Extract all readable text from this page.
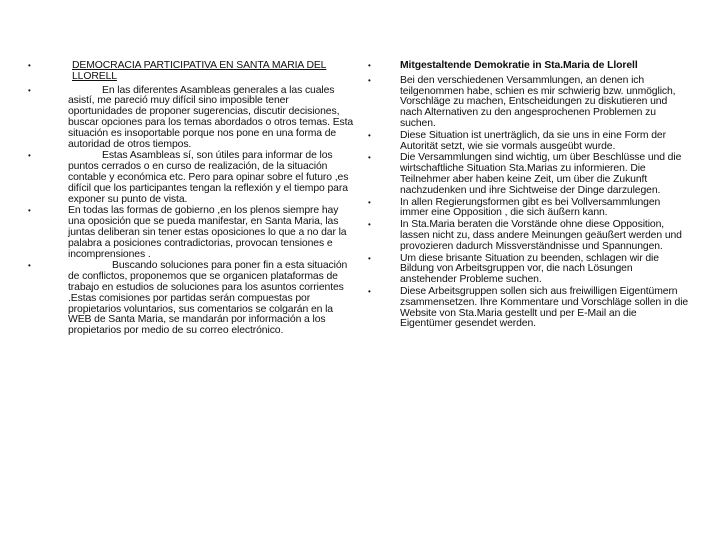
•	DEMOCRACIA PARTICIPATIVA EN SANTA MARIA DEL LLORELL
•	En las diferentes Asambleas generales a las cuales asistí, me pareció muy difícil sino imposible tener oportunidades de proponer sugerencias, discutir decisiones, buscar opciones para los temas abordados o otros temas. Esta situación es insoportable porque nos pone en una forma de autoridad de otros tiempos.
•	Estas Asambleas sí, son útiles para informar de los puntos cerrados o en curso de realización, de la situación contable y económica etc. Pero para opinar sobre el futuro ,es difícil que los participantes tengan la reflexión y el tiempo para exponer su punto de vista.
•	En todas las formas de gobierno ,en los plenos siempre hay una oposición que se pueda manifestar, en Santa Maria, las juntas deliberan sin tener estas oposiciones lo que a no dar la palabra a posiciones contradictorias, provocan tensiones e incomprensiones .
•	Buscando soluciones para poner fin a esta situación de conflictos, proponemos que se organicen plataformas de trabajo en estudios de soluciones para los asuntos corrientes .Estas comisiones por partidas serán compuestas por propietarios voluntarios, sus comentarios se colgarán en la WEB de Santa Maria, se mandarán por información a los propietarios por medio de su correo electrónico.
•	Mitgestaltende Demokratie in Sta.Maria de Llorell
•	Bei den verschiedenen Versammlungen, an denen ich teilgenommen habe, schien es mir schwierig bzw. unmöglich, Vorschläge zu machen, Entscheidungen zu diskutieren und nach Alternativen zu den angesprochenen Problemen zu suchen.
•	Diese Situation ist unerträglich, da sie uns in eine Form der Autorität setzt, wie sie vormals ausgeübt wurde.
•	Die Versammlungen sind wichtig, um über Beschlüsse und die wirtschaftliche Situation Sta.Marias zu informieren. Die Teilnehmer aber haben keine Zeit, um über die Zukunft nachzudenken und ihre Sichtweise der Dinge darzulegen.
•	In allen Regierungsformen gibt es bei Vollversammlungen immer eine Opposition , die sich äußern kann.
•	In Sta.Maria beraten die Vorstände ohne diese Opposition, lassen nicht zu, dass andere Meinungen geäußert werden und provozieren dadurch Missverständnisse und Spannungen.
•	Um diese brisante Situation zu beenden, schlagen wir die Bildung von Arbeitsgruppen vor, die nach Lösungen anstehender Probleme suchen.
•	Diese Arbeitsgruppen sollen sich aus freiwilligen Eigentümern zsammensetzen. Ihre Kommentare und Vorschläge sollen in die Website von Sta.Maria gestellt und per E-Mail an die Eigentümer gesendet werden.
